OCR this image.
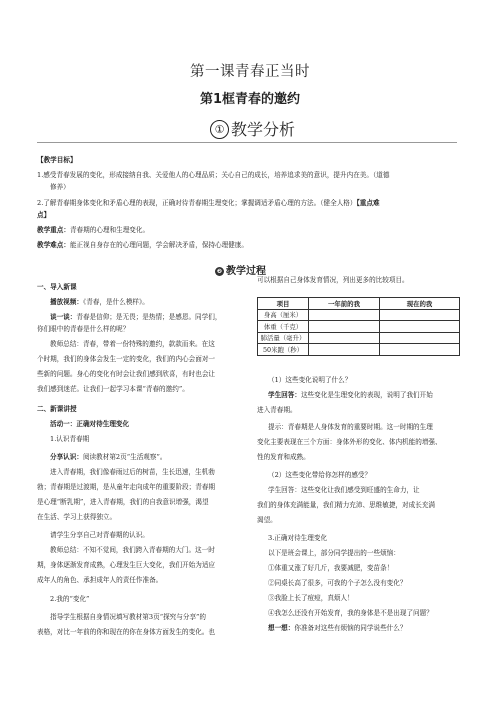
第一课青春正当时
第1框青春的邀约
① 教学分析
【教学目标】
1.感受青春发展的变化，形成接纳自我、关爱他人的心理品质；关心自己的成长，培养追求美的意识，提升内在美。（道德
修养）
2.了解青春期身体变化和矛盾心理的表现，正确对待青春期生理变化；掌握调适矛盾心理的方法。（健全人格）【重点难
点】
教学重点：青春期的心理和生理变化。
教学难点：能正视自身存在的心理问题，学会解决矛盾，保持心理健康。
❷ 教学过程
一、导入新课
播放视频：《青春，是什么模样》。
谈一谈：青春是信仰；是无畏；是热情；是感恩。同学们，
你们眼中的青春是什么样的呢？
教师总结：青春，带着一份特殊的邀约，款款而来。在这
个时期，我们的身体会发生一定的变化，我们的内心会面对一
些新的问题。身心的变化有时会让我们感到欣喜，有时也会让
我们感到迷茫。让我们一起学习本课“青春的邀约”。
二、新课讲授
活动一：正确对待生理变化
1.认识青春期
分享认识：阅读教材第2页“生活观察”。
进入青春期，我们像春雨过后的树苗，生长迅速，生机勃
勃；青春期是过渡期，是从童年走向成年的重要阶段；青春期
是心理“断乳期”，进入青春期，我们的自我意识增强，渴望
在生活、学习上获得独立。
请学生分享自己对青春期的认识。
教师总结：不知不觉间，我们跨入青春期的大门。这一时
期，身体逐渐发育成熟，心理发生巨大变化，我们开始为适应
成年人的角色、承担成年人的责任作准备。
2.我的“变化”
指导学生根据自身情况填写教材第3页“探究与分享”的
表格，对比一年前的你和现在的你在身体方面发生的变化。也
可以根据自己身体发育情况，列出更多的比较项目。
项目	一年前的我	现在的我
身高（厘米）		
体重（千克）		
肺活量（毫升）		
50米跑（秒）		
（1）这些变化说明了什么？
学生回答：这些变化是生理变化的表现，说明了我们开始
进入青春期。
提示：青春期是人身体发育的重要时期。这一时期的生理
变化主要表现在三个方面：身体外形的变化、体内机能的增强、
性的发育和成熟。
（2）这些变化带给你怎样的感受？
学生回答：这些变化让我们感受到旺盛的生命力，让
我们的身体充满能量，我们精力充沛、思维敏捷，对成长充满
渴望。
3.正确对待生理变化
以下是班会课上，部分同学提出的一些烦恼：
①体重又涨了好几斤，我要减肥，变苗条！
②同桌长高了很多，可我的个子怎么没有变化？
③我脸上长了痘痘，真烦人！
④我怎么还没有开始发育，我的身体是不是出现了问题？
想一想：你准备对这些有烦恼的同学说些什么？
